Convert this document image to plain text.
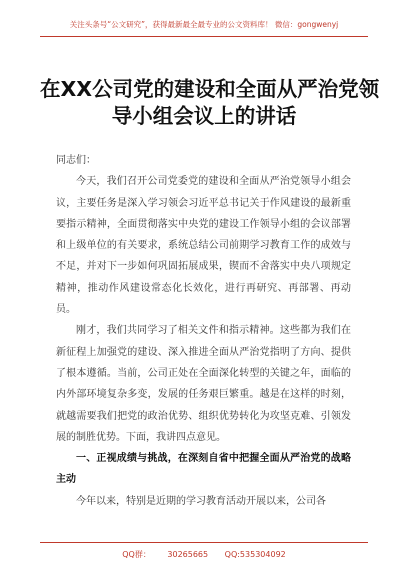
关注头条号“公文研究”，获得最新最全最专业的公文资料库！ 微信：gongwenyj
在XX公司党的建设和全面从严治党领
导小组会议上的讲话

同志们：

今天，我们召开公司党委党的建设和全面从严治党领导小组会议，主要任务是深入学习领会习近平总书记关于作风建设的最新重要指示精神，全面贯彻落实中央党的建设工作领导小组的会议部署和上级单位的有关要求，系统总结公司前期学习教育工作的成效与不足，并对下一步如何巩固拓展成果，锲而不舍落实中央八项规定精神，推动作风建设常态化长效化，进行再研究、再部署、再动员。

刚才，我们共同学习了相关文件和指示精神。这些都为我们在新征程上加强党的建设、深入推进全面从严治党指明了方向、提供了根本遵循。当前，公司正处在全面深化转型的关键之年，面临的内外部环境复杂多变，发展的任务艰巨繁重。越是在这样的时刻，就越需要我们把党的政治优势、组织优势转化为攻坚克难、引领发展的制胜优势。下面，我讲四点意见。

一、正视成绩与挑战，在深刻自省中把握全面从严治党的战略主动

今年以来，特别是近期的学习教育活动开展以来，公司各

QQ群： 30265665 QQ:535304092
